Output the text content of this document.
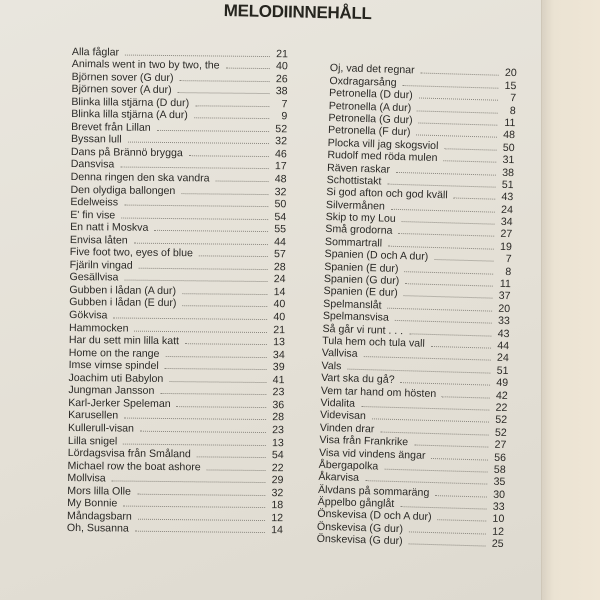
MELODIINNEHÅLL
Alla fåglar	21
Animals went in two by two, the	40
Björnen sover (G dur)	26
Björnen sover (A dur)	38
Blinka lilla stjärna (D dur)	7
Blinka lilla stjärna (A dur)	9
Brevet från Lillan	52
Byssan lull	32
Dans på Brännö brygga	46
Dansvisa	17
Denna ringen den ska vandra	48
Den olydiga ballongen	32
Edelweiss	50
E' fin vise	54
En natt i Moskva	55
Envisa låten	44
Five foot two, eyes of blue	57
Fjäriln vingad	28
Gesällvisa	24
Gubben i lådan (A dur)	14
Gubben i lådan (E dur)	40
Gökvisa	40
Hammocken	21
Har du sett min lilla katt	13
Home on the range	34
Imse vimse spindel	39
Joachim uti Babylon	41
Jungman Jansson	23
Karl-Jerker Speleman	36
Karusellen	28
Kullerull-visan	23
Lilla snigel	13
Lördagsvisa från Småland	54
Michael row the boat ashore	22
Mollvisa	29
Mors lilla Olle	32
My Bonnie	18
Måndagsbarn	12
Oh, Susanna	14
Oj, vad det regnar	20
Oxdragarsång	15
Petronella (D dur)	7
Petronella (A dur)	8
Petronella (G dur)	11
Petronella (F dur)	48
Plocka vill jag skogsviol	50
Rudolf med röda mulen	31
Räven raskar	38
Schottistakt	51
Si god afton och god kväll	43
Silvermånen	24
Skip to my Lou	34
Små grodorna	27
Sommartrall	19
Spanien (D och A dur)	7
Spanien (E dur)	8
Spanien (G dur)	11
Spanien (E dur)	37
Spelmanslåt	20
Spelmansvisa	33
Så går vi runt . . .	43
Tula hem och tula vall	44
Vallvisa	24
Vals	51
Vart ska du gå?	49
Vem tar hand om hösten	42
Vidalita	22
Videvisan	52
Vinden drar	52
Visa från Frankrike	27
Visa vid vindens ängar	56
Åbergapolka	58
Åkarvisa	35
Älvdans på sommaräng	30
Äppelbo gånglåt	33
Önskevisa (D och A dur)	10
Önskevisa (G dur)	12
Önskevisa (G dur)	25
